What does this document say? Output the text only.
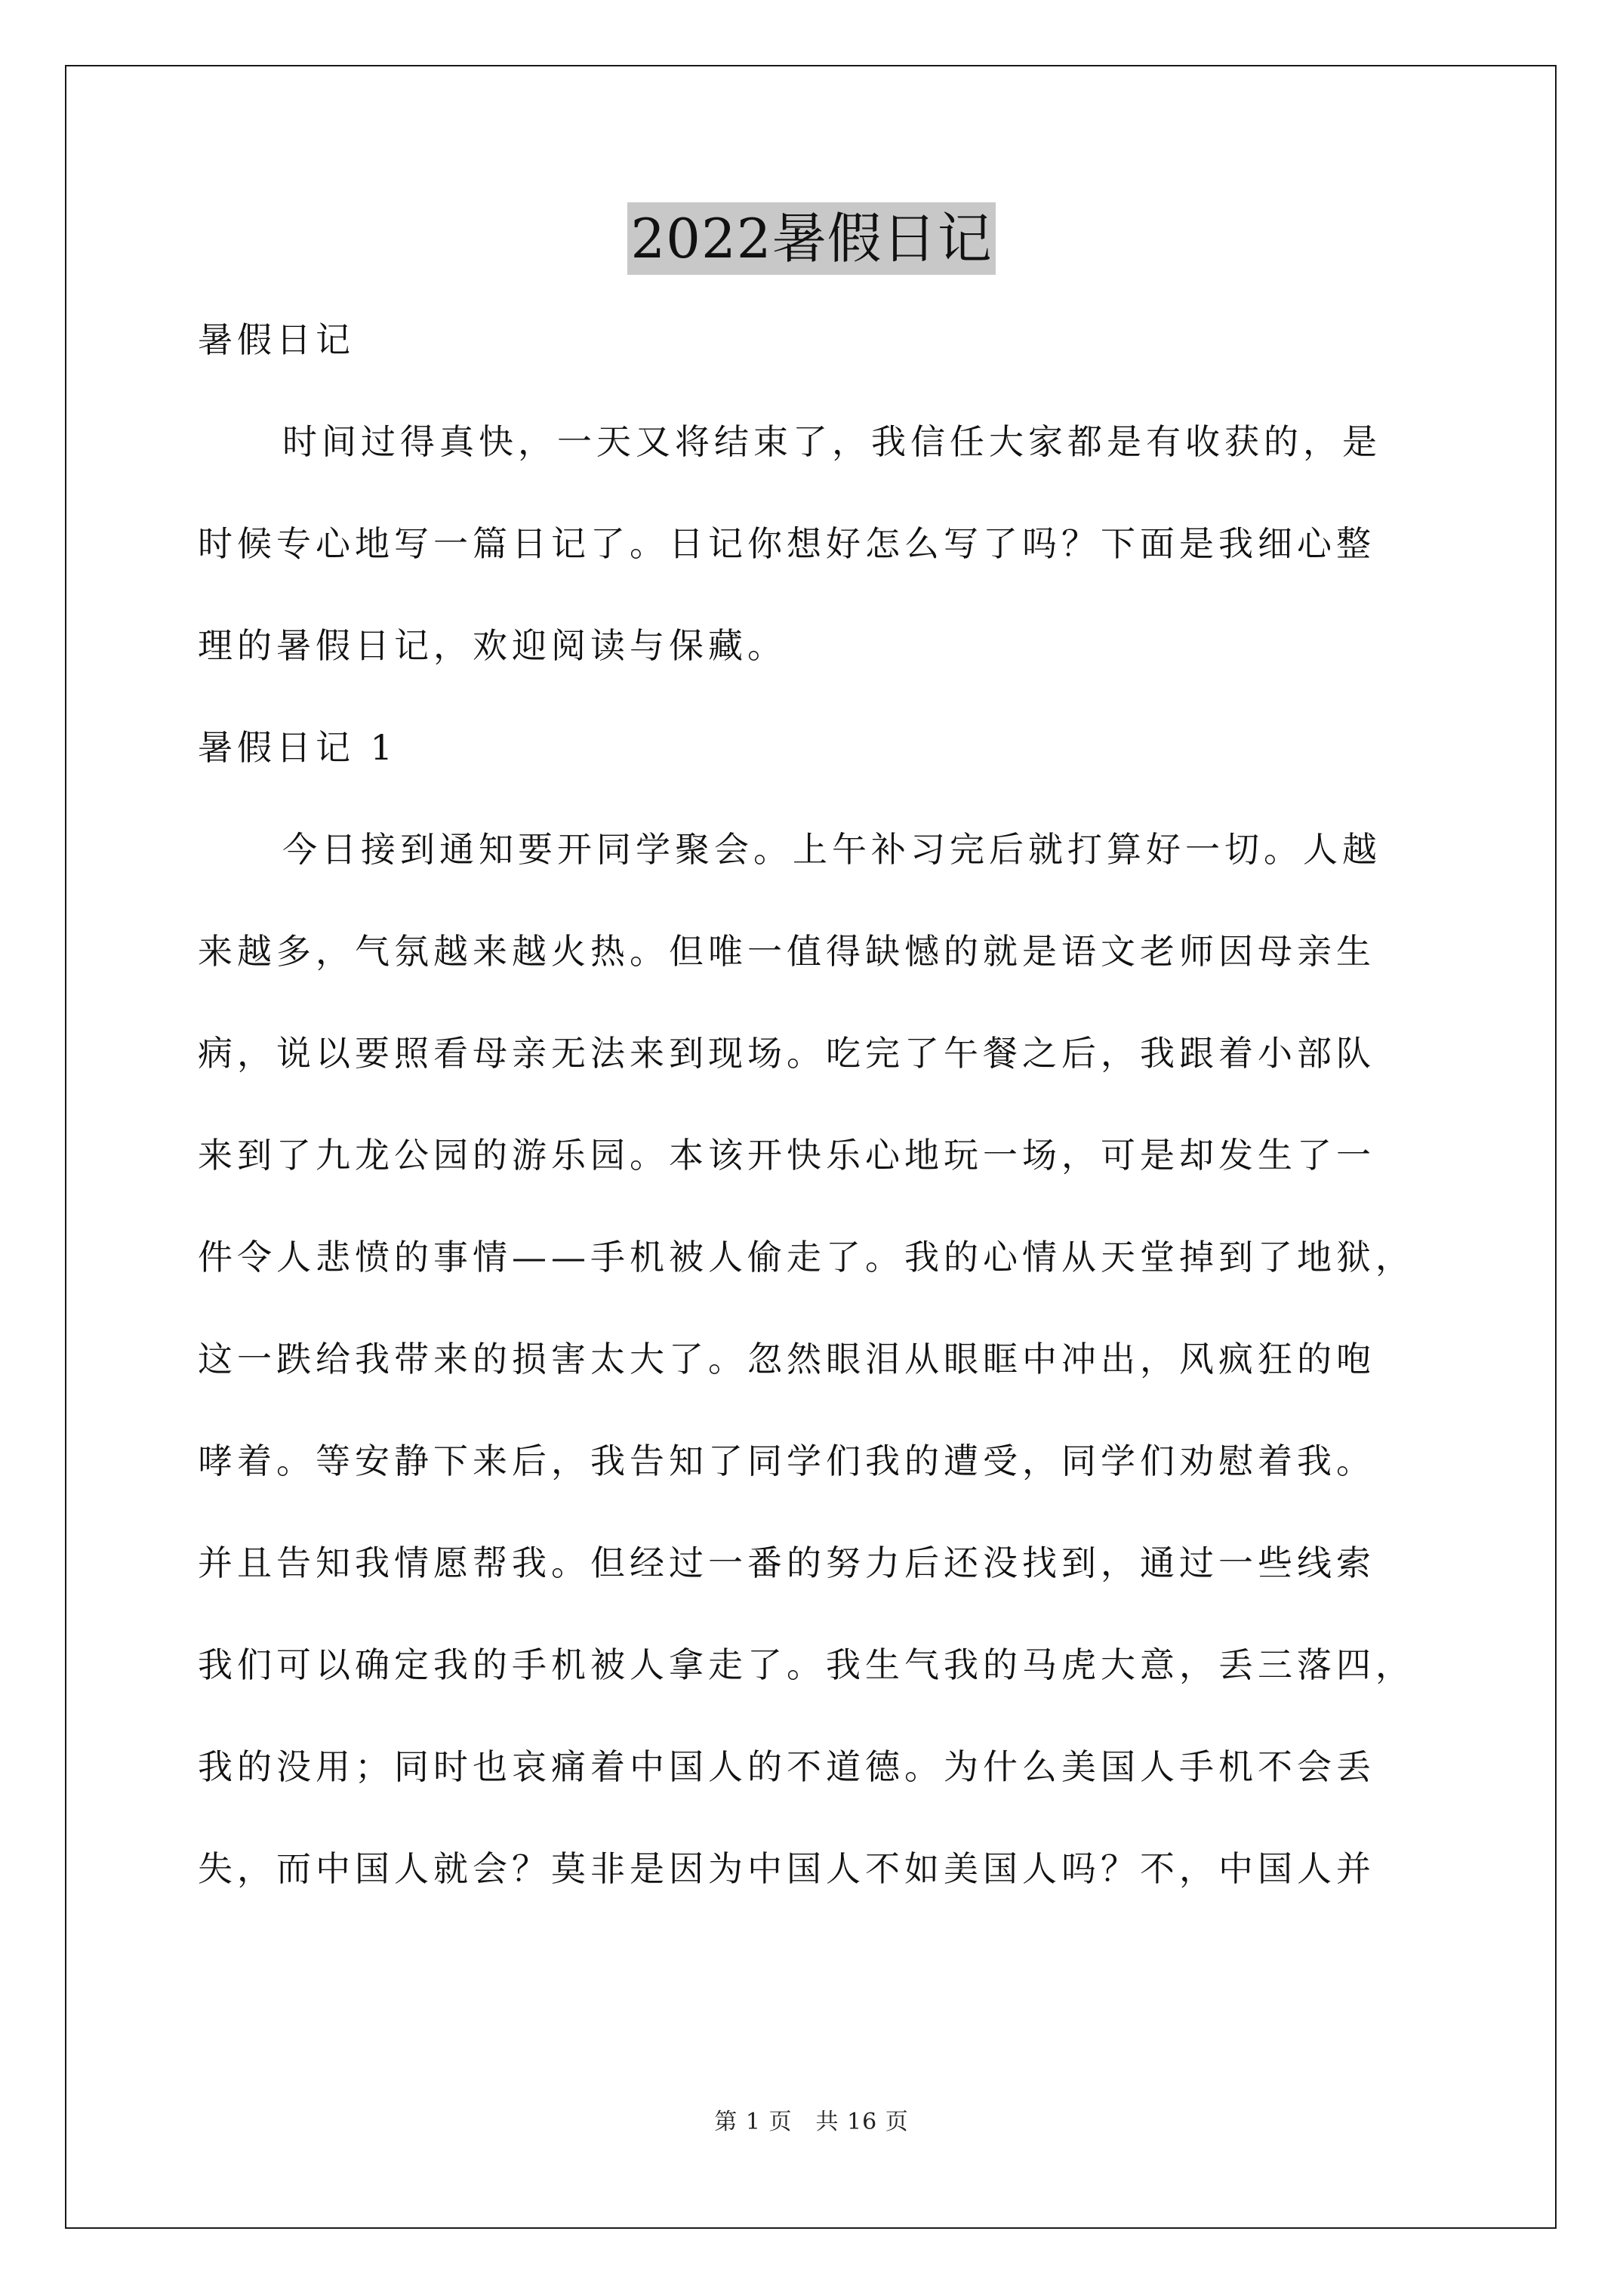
2022暑假日记
暑假日记
时间过得真快，一天又将结束了，我信任大家都是有收获的，是
时候专心地写一篇日记了。日记你想好怎么写了吗？下面是我细心整
理的暑假日记，欢迎阅读与保藏。
暑假日记 1
今日接到通知要开同学聚会。上午补习完后就打算好一切。人越
来越多，气氛越来越火热。但唯一值得缺憾的就是语文老师因母亲生
病，说以要照看母亲无法来到现场。吃完了午餐之后，我跟着小部队
来到了九龙公园的游乐园。本该开快乐心地玩一场，可是却发生了一
件令人悲愤的事情——手机被人偷走了。我的心情从天堂掉到了地狱，
这一跌给我带来的损害太大了。忽然眼泪从眼眶中冲出，风疯狂的咆
哮着。等安静下来后，我告知了同学们我的遭受，同学们劝慰着我。
并且告知我情愿帮我。但经过一番的努力后还没找到，通过一些线索
我们可以确定我的手机被人拿走了。我生气我的马虎大意，丢三落四，
我的没用；同时也哀痛着中国人的不道德。为什么美国人手机不会丢
失，而中国人就会？莫非是因为中国人不如美国人吗？不，中国人并
第 1 页　共 16 页
